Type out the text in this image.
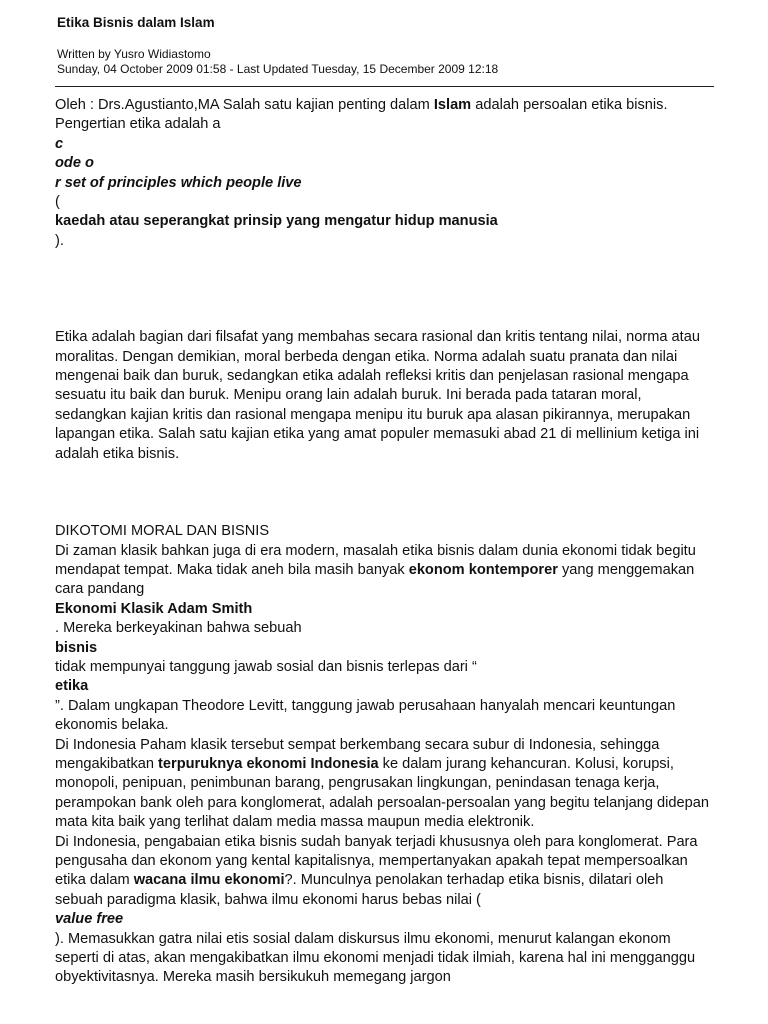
Etika Bisnis dalam Islam

Written by Yusro Widiastomo
Sunday, 04 October 2009 01:58 - Last Updated Tuesday, 15 December 2009 12:18

Oleh : Drs.Agustianto,MA Salah satu kajian penting dalam Islam adalah persoalan etika bisnis. Pengertian etika adalah a
c
ode o
r set of principles which people live
(
kaedah atau seperangkat prinsip yang mengatur hidup manusia
).

Etika adalah bagian dari filsafat yang membahas secara rasional dan kritis tentang nilai, norma atau moralitas. Dengan demikian, moral berbeda dengan etika. Norma adalah suatu pranata dan nilai mengenai baik dan buruk, sedangkan etika adalah refleksi kritis dan penjelasan rasional mengapa sesuatu itu baik dan buruk. Menipu orang lain adalah buruk. Ini berada pada tataran moral, sedangkan kajian kritis dan rasional mengapa menipu itu buruk apa alasan pikirannya, merupakan lapangan etika. Salah satu kajian etika yang amat populer memasuki abad 21 di mellinium ketiga ini adalah etika bisnis.

DIKOTOMI MORAL DAN BISNIS

Di zaman klasik bahkan juga di era modern, masalah etika bisnis dalam dunia ekonomi tidak begitu mendapat tempat. Maka tidak aneh bila masih banyak ekonom kontemporer yang menggemakan cara pandang

Ekonomi Klasik Adam Smith

. Mereka berkeyakinan bahwa sebuah

bisnis

tidak mempunyai tanggung jawab sosial dan bisnis terlepas dari “

etika

”. Dalam ungkapan Theodore Levitt, tanggung jawab perusahaan hanyalah mencari keuntungan ekonomis belaka.

Di Indonesia Paham klasik tersebut sempat berkembang secara subur di Indonesia, sehingga mengakibatkan terpuruknya ekonomi Indonesia ke dalam jurang kehancuran. Kolusi, korupsi, monopoli, penipuan, penimbunan barang, pengrusakan lingkungan, penindasan tenaga kerja, perampokan bank oleh para konglomerat, adalah persoalan-persoalan yang begitu telanjang didepan mata kita baik yang terlihat dalam media massa maupun media elektronik.

Di Indonesia, pengabaian etika bisnis sudah banyak terjadi khususnya oleh para konglomerat. Para pengusaha dan ekonom yang kental kapitalisnya, mempertanyakan apakah tepat mempersoalkan etika dalam wacana ilmu ekonomi?. Munculnya penolakan terhadap etika bisnis, dilatari oleh sebuah paradigma klasik, bahwa ilmu ekonomi harus bebas nilai (

value free

). Memasukkan gatra nilai etis sosial dalam diskursus ilmu ekonomi, menurut kalangan ekonom seperti di atas, akan mengakibatkan ilmu ekonomi menjadi tidak ilmiah, karena hal ini mengganggu obyektivitasnya. Mereka masih bersikukuh memegang jargon
